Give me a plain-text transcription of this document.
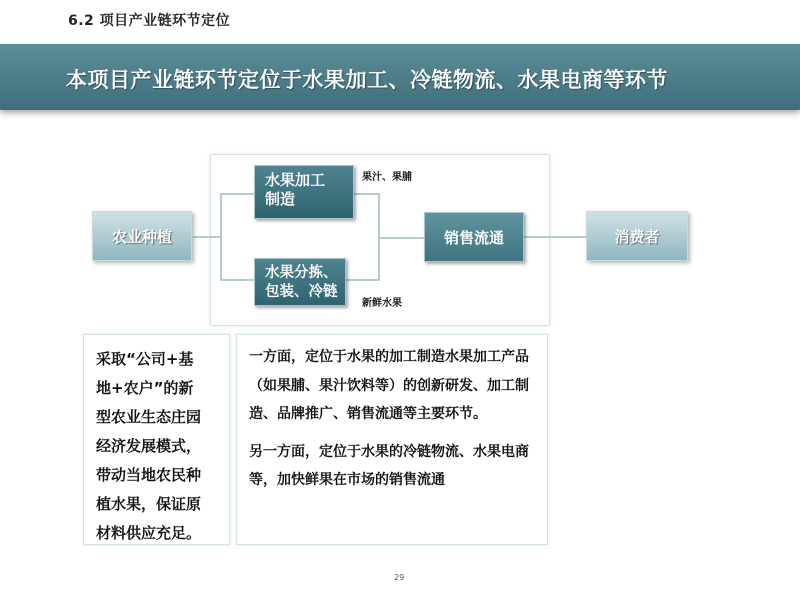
6.2 项目产业链环节定位
本项目产业链环节定位于水果加工、冷链物流、水果电商等环节
农业种植
水果加工
制造
水果分拣、
包装、冷链
销售流通	消费者
果汁、果脯
新鲜水果
采取“公司+基
地+农户”的新
型农业生态庄园
经济发展模式，
带动当地农民种
植水果，保证原
材料供应充足。

一方面，定位于水果的加工制造水果加工产品（如果脯、果汁饮料等）的创新研发、加工制造、品牌推广、销售流通等主要环节。

另一方面，定位于水果的冷链物流、水果电商等，加快鲜果在市场的销售流通

29
